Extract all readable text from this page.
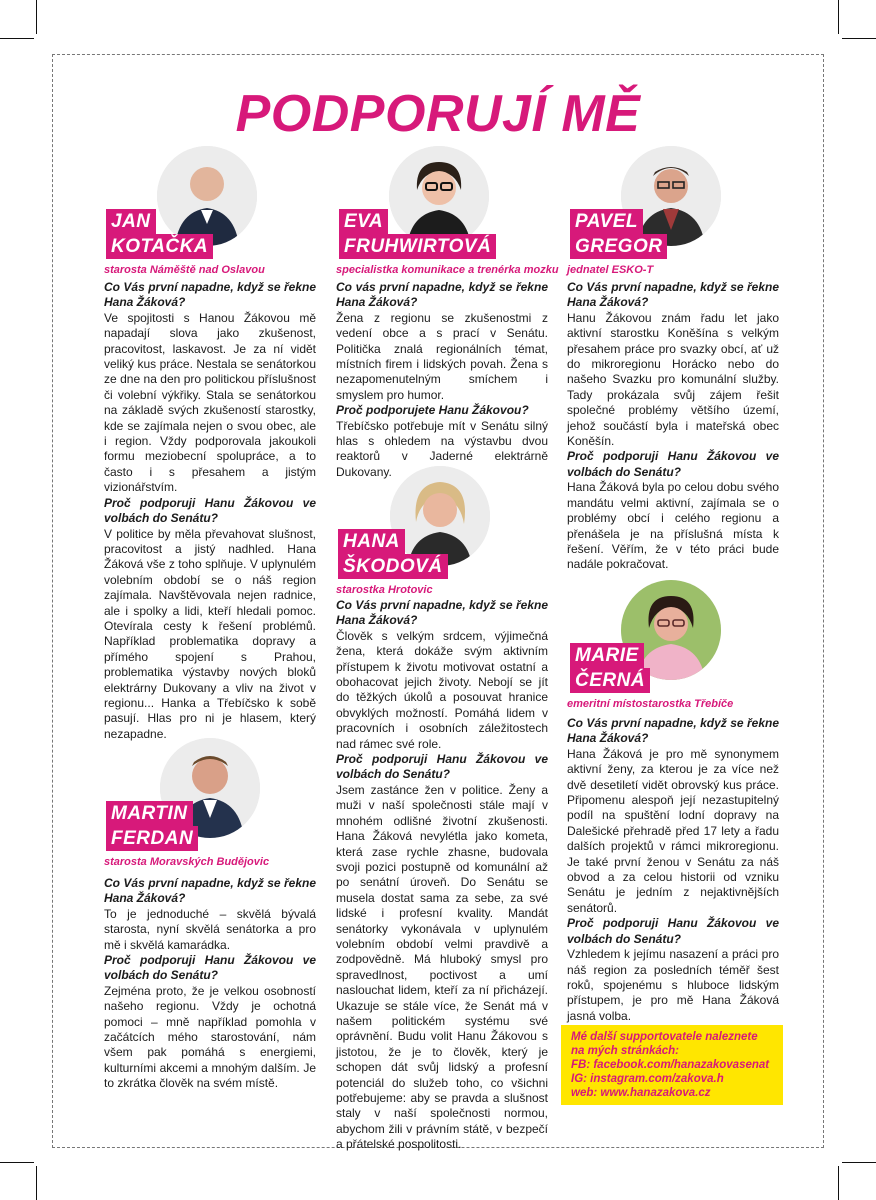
PODPORUJÍ MĚ
JAN
KOTAČKA
starosta Náměště nad Oslavou

Co Vás první napadne, když se řekne Hana Žáková?

Ve spojitosti s Hanou Žákovou mě napadají slova jako zkušenost, pracovitost, laskavost. Je za ní vidět veliký kus práce. Nestala se senátorkou ze dne na den pro politickou příslušnost či volební výkřiky. Stala se senátorkou na základě svých zkušeností starostky, kde se zajímala nejen o svou obec, ale i region. Vždy podporovala jakoukoli formu meziobecní spolupráce, a to často i s přesahem a jistým vizionářstvím.

Proč podporuji Hanu Žákovou ve volbách do Senátu?

V politice by měla převahovat slušnost, pracovitost a jistý nadhled. Hana Žáková vše z toho splňuje. V uplynulém volebním období se o náš region zajímala. Navštěvovala nejen radnice, ale i spolky a lidi, kteří hledali pomoc. Otevírala cesty k řešení problémů. Například problematika dopravy a přímého spojení s Prahou, problematika výstavby nových bloků elektrárny Dukovany a vliv na život v regionu... Hanka a Třebíčsko k sobě pasují. Hlas pro ni je hlasem, který nezapadne.

MARTIN
FERDAN
starosta Moravských Budějovic

Co Vás první napadne, když se řekne Hana Žáková?

To je jednoduché – skvělá bývalá starosta, nyní skvělá senátorka a pro mě i skvělá kamarádka.

Proč podporuji Hanu Žákovou ve volbách do Senátu?

Zejména proto, že je velkou osobností našeho regionu. Vždy je ochotná pomoci – mně například pomohla v začátcích mého starostování, nám všem pak pomáhá s energiemi, kulturními akcemi a mnohým dalším. Je to zkrátka člověk na svém místě.

EVA
FRUHWIRTOVÁ
specialistka komunikace a trenérka mozku

Co vás první napadne, když se řekne Hana Žáková?

Žena z regionu se zkušenostmi z vedení obce a s prací v Senátu. Politička znalá regionálních témat, místních firem i lidských povah. Žena s nezapomenutelným smíchem i smyslem pro humor.

Proč podporujete Hanu Žákovou?

Třebíčsko potřebuje mít v Senátu silný hlas s ohledem na výstavbu dvou reaktorů v Jaderné elektrárně Dukovany.

HANA
ŠKODOVÁ
starostka Hrotovic

Co Vás první napadne, když se řekne Hana Žáková?

Člověk s velkým srdcem, výjimečná žena, která dokáže svým aktivním přístupem k životu motivovat ostatní a obohacovat jejich životy. Nebojí se jít do těžkých úkolů a posouvat hranice obvyklých možností. Pomáhá lidem v pracovních i osobních záležitostech nad rámec své role.

Proč podporuji Hanu Žákovou ve volbách do Senátu?

Jsem zastánce žen v politice. Ženy a muži v naší společnosti stále mají v mnohém odlišné životní zkušenosti. Hana Žáková nevylétla jako kometa, která zase rychle zhasne, budovala svoji pozici postupně od komunální až po senátní úroveň. Do Senátu se musela dostat sama za sebe, za své lidské i profesní kvality. Mandát senátorky vykonávala v uplynulém volebním období velmi pravdivě a zodpovědně. Má hluboký smysl pro spravedlnost, poctivost a umí naslouchat lidem, kteří za ní přicházejí. Ukazuje se stále více, že Senát má v našem politickém systému své oprávnění. Budu volit Hanu Žákovou s jistotou, že je to člověk, který je schopen dát svůj lidský a profesní potenciál do služeb toho, co všichni potřebujeme: aby se pravda a slušnost staly v naší společnosti normou, abychom žili v právním státě, v bezpečí a přátelské pospolitosti.

PAVEL
GREGOR
jednatel ESKO-T

Co Vás první napadne, když se řekne Hana Žáková?

Hanu Žákovou znám řadu let jako aktivní starostku Koněšína s velkým přesahem práce pro svazky obcí, ať už do mikroregionu Horácko nebo do našeho Svazku pro komunální služby. Tady prokázala svůj zájem řešit společné problémy většího území, jehož součástí byla i mateřská obec Koněšín.

Proč podporuji Hanu Žákovou ve volbách do Senátu?

Hana Žáková byla po celou dobu svého mandátu velmi aktivní, zajímala se o problémy obcí i celého regionu a přenášela je na příslušná místa k řešení. Věřím, že v této práci bude nadále pokračovat.

MARIE
ČERNÁ
emeritní místostarostka Třebíče

Co Vás první napadne, když se řekne Hana Žáková?

Hana Žáková je pro mě synonymem aktivní ženy, za kterou je za více než dvě desetiletí vidět obrovský kus práce. Připomenu alespoň její nezastupitelný podíl na spuštění lodní dopravy na Dalešické přehradě před 17 lety a řadu dalších projektů v rámci mikroregionu. Je také první ženou v Senátu za náš obvod a za celou historii od vzniku Senátu je jedním z nejaktivnějších senátorů.

Proč podporuji Hanu Žákovou ve volbách do Senátu?

Vzhledem k jejímu nasazení a práci pro náš region za posledních téměř šest roků, spojenému s hluboce lidským přístupem, je pro mě Hana Žáková jasná volba.

Mé další supportovatele naleznete

na mých stránkách:

FB: facebook.com/hanazakovasenat

IG: instagram.com/zakova.h

web: www.hanazakova.cz
